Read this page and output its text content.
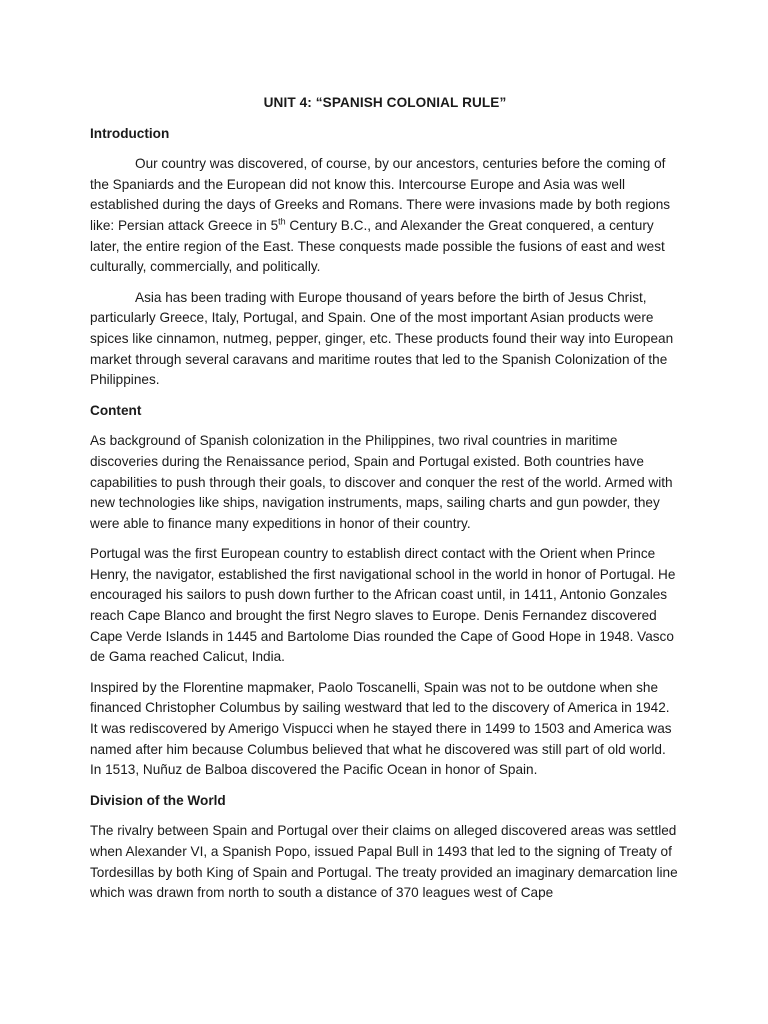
UNIT 4: “SPANISH COLONIAL RULE”
Introduction

Our country was discovered, of course, by our ancestors, centuries before the coming of the Spaniards and the European did not know this. Intercourse Europe and Asia was well established during the days of Greeks and Romans. There were invasions made by both regions like: Persian attack Greece in 5th Century B.C., and Alexander the Great conquered, a century later, the entire region of the East. These conquests made possible the fusions of east and west culturally, commercially, and politically.

Asia has been trading with Europe thousand of years before the birth of Jesus Christ, particularly Greece, Italy, Portugal, and Spain. One of the most important Asian products were spices like cinnamon, nutmeg, pepper, ginger, etc. These products found their way into European market through several caravans and maritime routes that led to the Spanish Colonization of the Philippines.

Content

As background of Spanish colonization in the Philippines, two rival countries in maritime discoveries during the Renaissance period, Spain and Portugal existed. Both countries have capabilities to push through their goals, to discover and conquer the rest of the world. Armed with new technologies like ships, navigation instruments, maps, sailing charts and gun powder, they were able to finance many expeditions in honor of their country.

Portugal was the first European country to establish direct contact with the Orient when Prince Henry, the navigator, established the first navigational school in the world in honor of Portugal. He encouraged his sailors to push down further to the African coast until, in 1411, Antonio Gonzales reach Cape Blanco and brought the first Negro slaves to Europe. Denis Fernandez discovered Cape Verde Islands in 1445 and Bartolome Dias rounded the Cape of Good Hope in 1948. Vasco de Gama reached Calicut, India.

Inspired by the Florentine mapmaker, Paolo Toscanelli, Spain was not to be outdone when she financed Christopher Columbus by sailing westward that led to the discovery of America in 1942. It was rediscovered by Amerigo Vispucci when he stayed there in 1499 to 1503 and America was named after him because Columbus believed that what he discovered was still part of old world. In 1513, Nuñuz de Balboa discovered the Pacific Ocean in honor of Spain.

Division of the World

The rivalry between Spain and Portugal over their claims on alleged discovered areas was settled when Alexander VI, a Spanish Popo, issued Papal Bull in 1493 that led to the signing of Treaty of Tordesillas by both King of Spain and Portugal. The treaty provided an imaginary demarcation line which was drawn from north to south a distance of 370 leagues west of Cape
